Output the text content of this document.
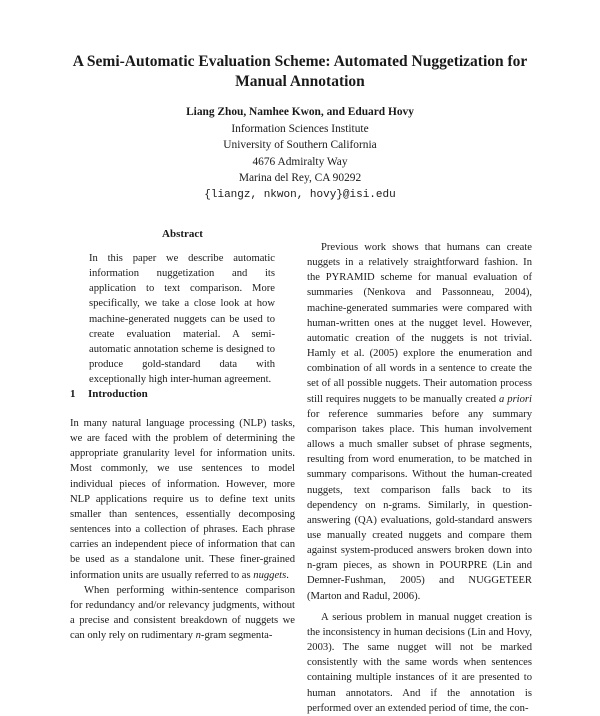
A Semi-Automatic Evaluation Scheme: Automated Nuggetization for Manual Annotation
Liang Zhou, Namhee Kwon, and Eduard Hovy
Information Sciences Institute
University of Southern California
4676 Admiralty Way
Marina del Rey, CA 90292
{liangz, nkwon, hovy}@isi.edu
Abstract
In this paper we describe automatic information nuggetization and its application to text comparison. More specifically, we take a close look at how machine-generated nuggets can be used to create evaluation material. A semi-automatic annotation scheme is designed to produce gold-standard data with exceptionally high inter-human agreement.
1 Introduction

In many natural language processing (NLP) tasks, we are faced with the problem of determining the appropriate granularity level for information units. Most commonly, we use sentences to model individual pieces of information. However, more NLP applications require us to define text units smaller than sentences, essentially decomposing sentences into a collection of phrases. Each phrase carries an independent piece of information that can be used as a standalone unit. These finer-grained information units are usually referred to as nuggets.

When performing within-sentence comparison for redundancy and/or relevancy judgments, without a precise and consistent breakdown of nuggets we can only rely on rudimentary n-gram segmenta-

Previous work shows that humans can create nuggets in a relatively straightforward fashion. In the PYRAMID scheme for manual evaluation of summaries (Nenkova and Passonneau, 2004), machine-generated summaries were compared with human-written ones at the nugget level. However, automatic creation of the nuggets is not trivial. Hamly et al. (2005) explore the enumeration and combination of all words in a sentence to create the set of all possible nuggets. Their automation process still requires nuggets to be manually created a priori for reference summaries before any summary comparison takes place. This human involvement allows a much smaller subset of phrase segments, resulting from word enumeration, to be matched in summary comparisons. Without the human-created nuggets, text comparison falls back to its dependency on n-grams. Similarly, in question-answering (QA) evaluations, gold-standard answers use manually created nuggets and compare them against system-produced answers broken down into n-gram pieces, as shown in POURPRE (Lin and Demner-Fushman, 2005) and NUGGETEER (Marton and Radul, 2006).

A serious problem in manual nugget creation is the inconsistency in human decisions (Lin and Hovy, 2003). The same nugget will not be marked consistently with the same words when sentences containing multiple instances of it are presented to human annotators. And if the annotation is performed over an extended period of time, the con-
